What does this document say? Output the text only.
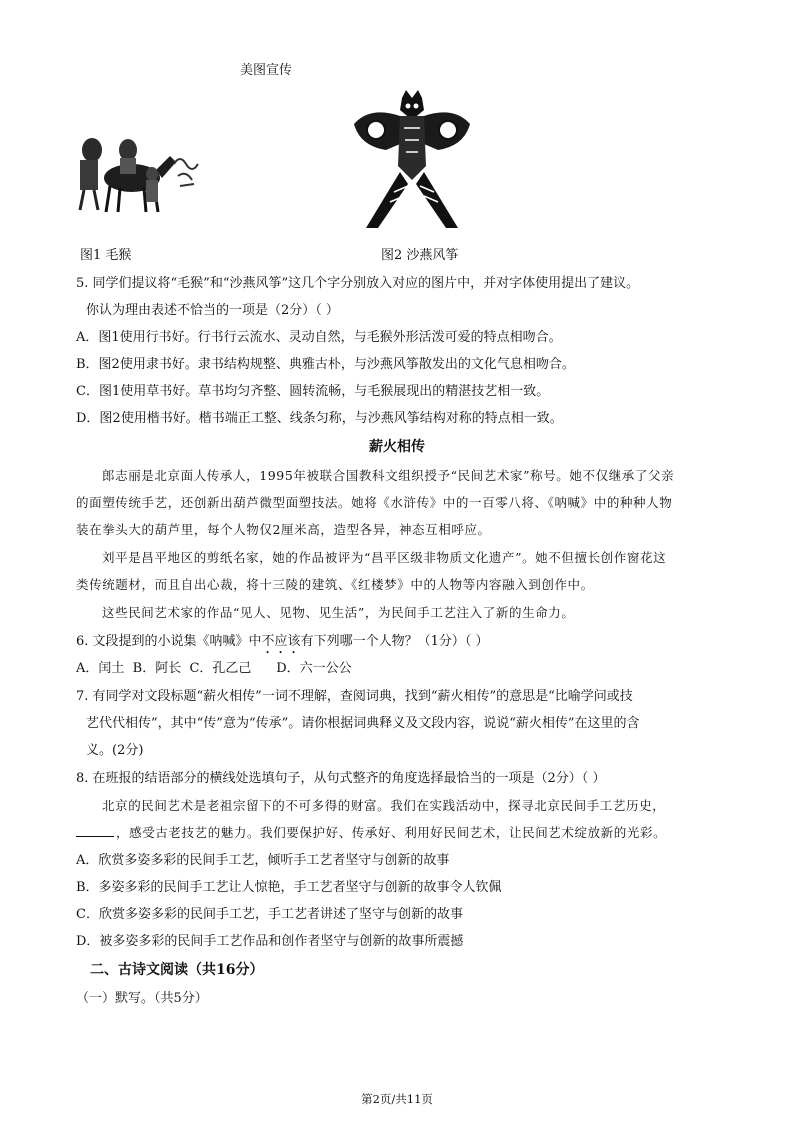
美图宣传
图1 毛猴	图2 沙燕风筝
5. 同学们提议将“毛猴”和“沙燕风筝”这几个字分别放入对应的图片中，并对字体使用提出了建议。
你认为理由表述不恰当的一项是（2分）（ ）
A．图1使用行书好。行书行云流水、灵动自然，与毛猴外形活泼可爱的特点相吻合。
B．图2使用隶书好。隶书结构规整、典雅古朴，与沙燕风筝散发出的文化气息相吻合。
C．图1使用草书好。草书均匀齐整、圆转流畅，与毛猴展现出的精湛技艺相一致。
D．图2使用楷书好。楷书端正工整、线条匀称，与沙燕风筝结构对称的特点相一致。
薪火相传
郎志丽是北京面人传承人，1995年被联合国教科文组织授予“民间艺术家”称号。她不仅继承了父亲
的面塑传统手艺，还创新出葫芦微型面塑技法。她将《水浒传》中的一百零八将、《呐喊》中的种种人物
装在拳头大的葫芦里，每个人物仅2厘米高，造型各异，神态互相呼应。
刘平是昌平地区的剪纸名家，她的作品被评为“昌平区级非物质文化遗产”。她不但擅长创作窗花这
类传统题材，而且自出心裁，将十三陵的建筑、《红楼梦》中的人物等内容融入到创作中。
这些民间艺术家的作品“见人、见物、见生活”，为民间手工艺注入了新的生命力。
6. 文段提到的小说集《呐喊》中不应该有下列哪一个人物？（1分）（ ）
A．闰土  B．阿长  C．孔乙己      D．六一公公
7. 有同学对文段标题“薪火相传”一词不理解，查阅词典，找到“薪火相传”的意思是“比喻学问或技
艺代代相传”，其中“传”意为“传承”。请你根据词典释义及文段内容，说说“薪火相传”在这里的含
义。(2分)
8. 在班报的结语部分的横线处选填句子，从句式整齐的角度选择最恰当的一项是（2分）（ ）
北京的民间艺术是老祖宗留下的不可多得的财富。我们在实践活动中，探寻北京民间手工艺历史，
，感受古老技艺的魅力。我们要保护好、传承好、利用好民间艺术，让民间艺术绽放新的光彩。
A．欣赏多姿多彩的民间手工艺，倾听手工艺者坚守与创新的故事
B．多姿多彩的民间手工艺让人惊艳，手工艺者坚守与创新的故事令人钦佩
C．欣赏多姿多彩的民间手工艺，手工艺者讲述了坚守与创新的故事
D．被多姿多彩的民间手工艺作品和创作者坚守与创新的故事所震撼
二、古诗文阅读（共16分）
（一）默写。（共5分）
第2页/共11页
